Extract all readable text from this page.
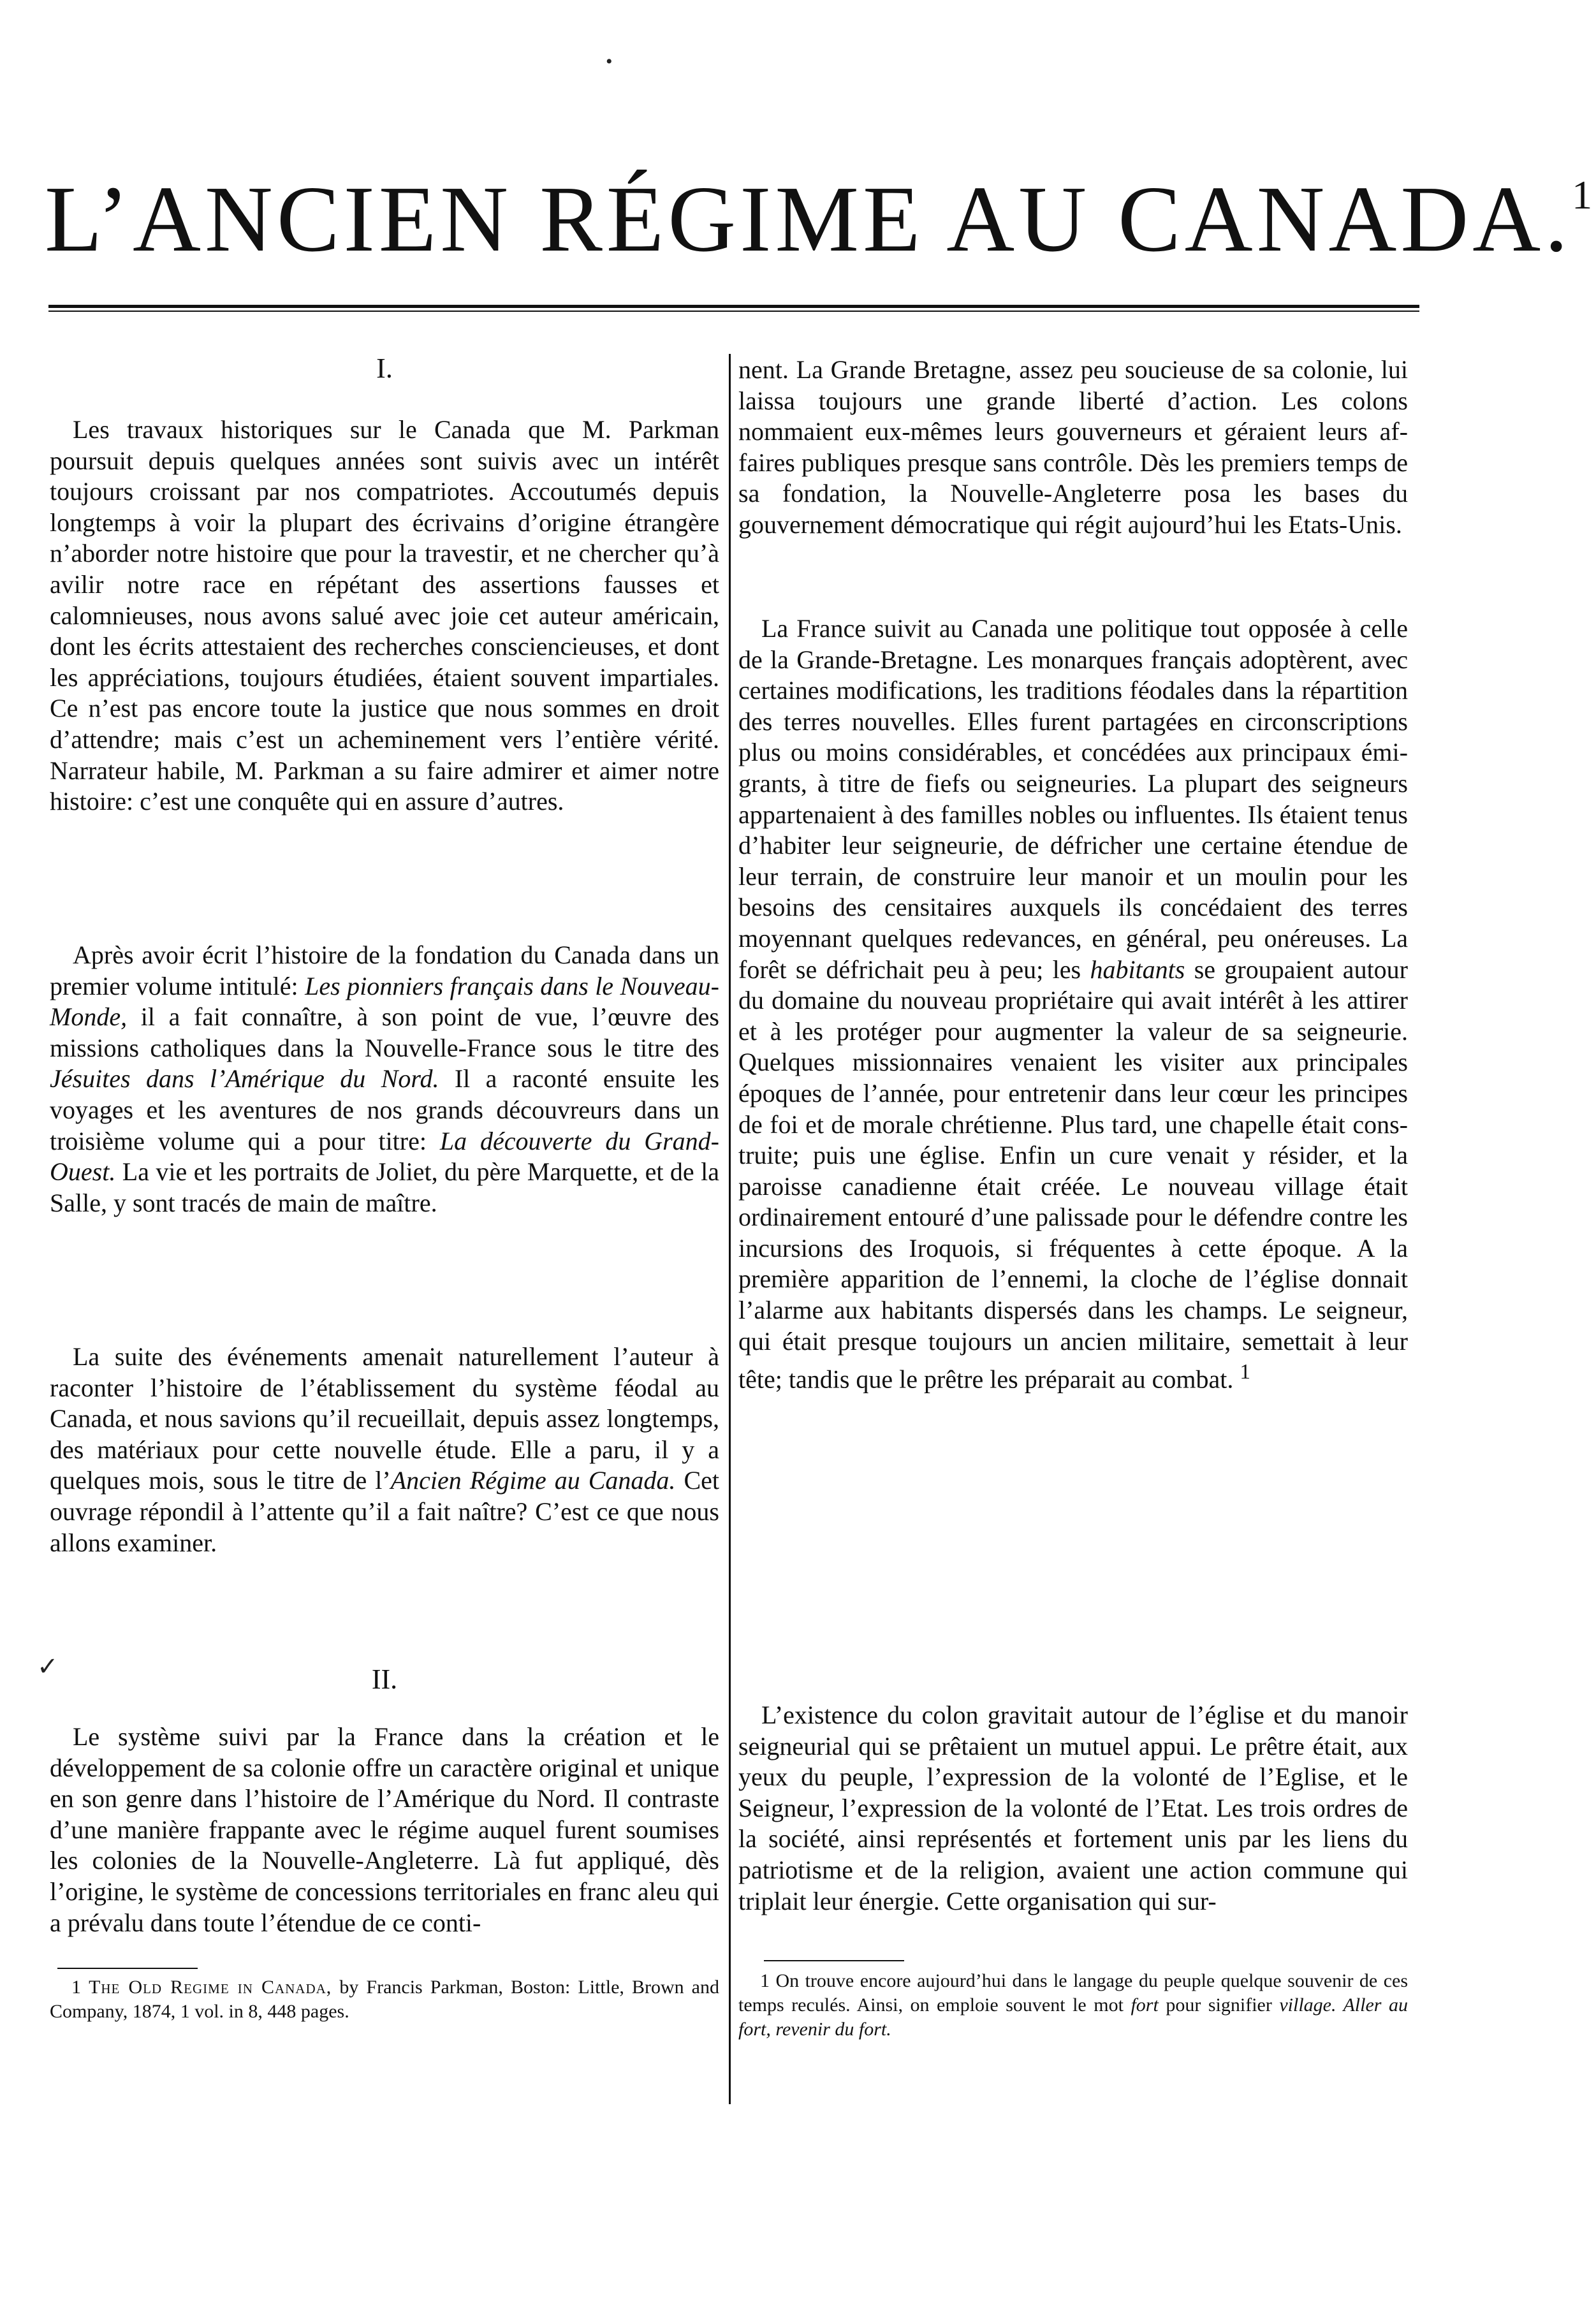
L’ANCIEN RÉGIME AU CANADA.$^1$
I.

Les travaux historiques sur le Canada que M. Parkman poursuit depuis quelques années sont suivis avec un intérêt toujours croissant par nos compatriotes. Accoutumés depuis longtemps à voir la plupart des écrivains d’origine étrangère n’aborder notre histoire que pour la travestir, et ne chercher qu’à avilir notre race en répétant des assertions fausses et calomnieuses, nous avons salué avec joie cet auteur américain, dont les écrits attestaient des recherches consciencieuses, et dont les appréciations, toujours étudiées, étaient souvent impartiales. Ce n’est pas encore toute la justice que nous sommes en droit d’attendre; mais c’est un acheminement vers l’entière vérité. Narrateur habile, M. Parkman a su faire admirer et aimer notre histoire: c’est une conquête qui en assure d’autres.

Après avoir écrit l’histoire de la fondation du Canada dans un premier volume intitulé: Les pionniers français dans le Nouveau-Monde, il a fait connaître, à son point de vue, l’œuvre des missions catholiques dans la Nouvelle-France sous le titre des Jésuites dans l’Amérique du Nord. Il a raconté ensuite les voyages et les aventures de nos grands découvreurs dans un troisième volume qui a pour titre: La découverte du Grand-Ouest. La vie et les portraits de Joliet, du père Marquette, et de la Salle, y sont tracés de main de maître.

La suite des événements amenait naturellement l’auteur à raconter l’histoire de l’établissement du système féodal au Canada, et nous savions qu’il recueillait, depuis assez longtemps, des matériaux pour cette nouvelle étude. Elle a paru, il y a quelques mois, sous le titre de l’Ancien Régime au Canada. Cet ouvrage répondil à l’attente qu’il a fait naître? C’est ce que nous allons examiner.

II.

Le système suivi par la France dans la création et le développement de sa colonie offre un caractère original et unique en son genre dans l’histoire de l’Amérique du Nord. Il contraste d’une manière frappante avec le régime auquel furent soumises les colonies de la Nouvelle-Angleterre. Là fut appliqué, dès l’origine, le système de concessions territoriales en franc aleu qui a prévalu dans toute l’étendue de ce conti-

1 The Old Regime in Canada, by Francis Parkman, Boston: Little, Brown and Company, 1874, 1 vol. in 8, 448 pages.

nent. La Grande Bretagne, assez peu soucieuse de sa colonie, lui laissa toujours une grande liberté d’action. Les colons nommaient eux-mêmes leurs gouverneurs et géraient leurs affaires publiques presque sans contrôle. Dès les premiers temps de sa fondation, la Nouvelle-Angleterre posa les bases du gouvernement démocratique qui régit aujourd’hui les Etats-Unis.

La France suivit au Canada une politique tout opposée à celle de la Grande-Bretagne. Les monarques français adoptèrent, avec certaines modifications, les traditions féodales dans la répartition des terres nouvelles. Elles furent partagées en circonscriptions plus ou moins considérables, et concédées aux principaux émigrants, à titre de fiefs ou seigneuries. La plupart des seigneurs appartenaient à des familles nobles ou influentes. Ils étaient tenus d’habiter leur seigneurie, de défricher une certaine étendue de leur terrain, de construire leur manoir et un moulin pour les besoins des censitaires auxquels ils concédaient des terres moyennant quelques redevances, en général, peu onéreuses. La forêt se défrichait peu à peu; les habitants se groupaient autour du domaine du nouveau propriétaire qui avait intérêt à les attirer et à les protéger pour augmenter la valeur de sa seigneurie. Quelques missionnaires venaient les visiter aux principales époques de l’année, pour entretenir dans leur cœur les principes de foi et de morale chrétienne. Plus tard, une chapelle était construite; puis une église. Enfin un cure venait y résider, et la paroisse canadienne était créée. Le nouveau village était ordinairement entouré d’une palissade pour le défendre contre les incursions des Iroquois, si fréquentes à cette époque. A la première apparition de l’ennemi, la cloche de l’église donnait l’alarme aux habitants dispersés dans les champs. Le seigneur, qui était presque toujours un ancien militaire, semettait à leur tête; tandis que le prêtre les préparait au combat. $^1$

L’existence du colon gravitait autour de l’église et du manoir seigneurial qui se prêtaient un mutuel appui. Le prêtre était, aux yeux du peuple, l’expression de la volonté de l’Eglise, et le Seigneur, l’expression de la volonté de l’Etat. Les trois ordres de la société, ainsi représentés et fortement unis par les liens du patriotisme et de la religion, avaient une action commune qui triplait leur énergie. Cette organisation qui sur-

1 On trouve encore aujourd’hui dans le langage du peuple quelque souvenir de ces temps reculés. Ainsi, on emploie souvent le mot fort pour signifier village. Aller au fort, revenir du fort.

•
✓
